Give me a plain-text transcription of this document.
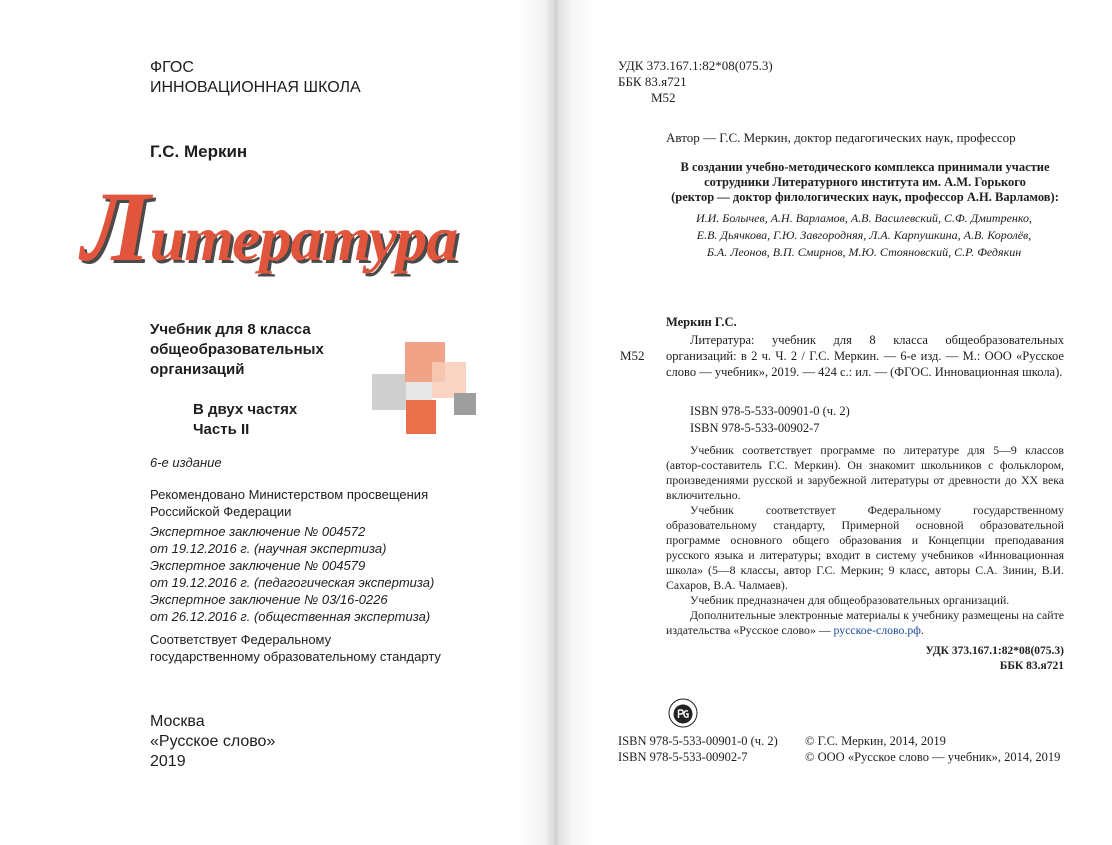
ФГОС
ИННОВАЦИОННАЯ ШКОЛА
Г.С. Меркин
Литература
Учебник для 8 класса
общеобразовательных
организаций
В двух частях
Часть II
6-е издание
Рекомендовано Министерством просвещения
Российской Федерации
Экспертное заключение № 004572
от 19.12.2016 г. (научная экспертиза)
Экспертное заключение № 004579
от 19.12.2016 г. (педагогическая экспертиза)
Экспертное заключение № 03/16-0226
от 26.12.2016 г. (общественная экспертиза)
Соответствует Федеральному
государственному образовательному стандарту
Москва
«Русское слово»
2019
УДК 373.167.1:82*08(075.3)
ББК 83.я721
М52
Автор — Г.С. Меркин, доктор педагогических наук, профессор
В создании учебно-методического комплекса принимали участие
сотрудники Литературного института им. А.М. Горького
(ректор — доктор филологических наук, профессор А.Н. Варламов):
И.И. Болычев, А.Н. Варламов, А.В. Василевский, С.Ф. Дмитренко,
Е.В. Дьячкова, Г.Ю. Завгородняя, Л.А. Карпушкина, А.В. Королёв,
Б.А. Леонов, В.П. Смирнов, М.Ю. Стояновский, С.Р. Федякин
Меркин Г.С.
М52
Литература: учебник для 8 класса общеобразовательных организаций: в 2 ч. Ч. 2 / Г.С. Меркин. — 6-е изд. — М.: ООО «Русское слово — учебник», 2019. — 424 с.: ил. — (ФГОС. Инновационная школа).
ISBN 978-5-533-00901-0 (ч. 2)
ISBN 978-5-533-00902-7
Учебник соответствует программе по литературе для 5—9 классов (автор-составитель Г.С. Меркин). Он знакомит школьников с фольклором, произведениями русской и зарубежной литературы от древности до XX века включительно.
Учебник соответствует Федеральному государственному образовательному стандарту, Примерной основной образовательной программе основного общего образования и Концепции преподавания русского языка и литературы; входит в систему учебников «Инновационная школа» (5—8 классы, автор Г.С. Меркин; 9 класс, авторы С.А. Зинин, В.И. Сахаров, В.А. Чалмаев).
Учебник предназначен для общеобразовательных организаций.
Дополнительные электронные материалы к учебнику размещены на сайте издательства «Русское слово» — русское-слово.рф.
УДК 373.167.1:82*08(075.3)
ББК 83.я721
ISBN 978-5-533-00901-0 (ч. 2)
ISBN 978-5-533-00902-7
© Г.С. Меркин, 2014, 2019
© ООО «Русское слово — учебник», 2014, 2019
